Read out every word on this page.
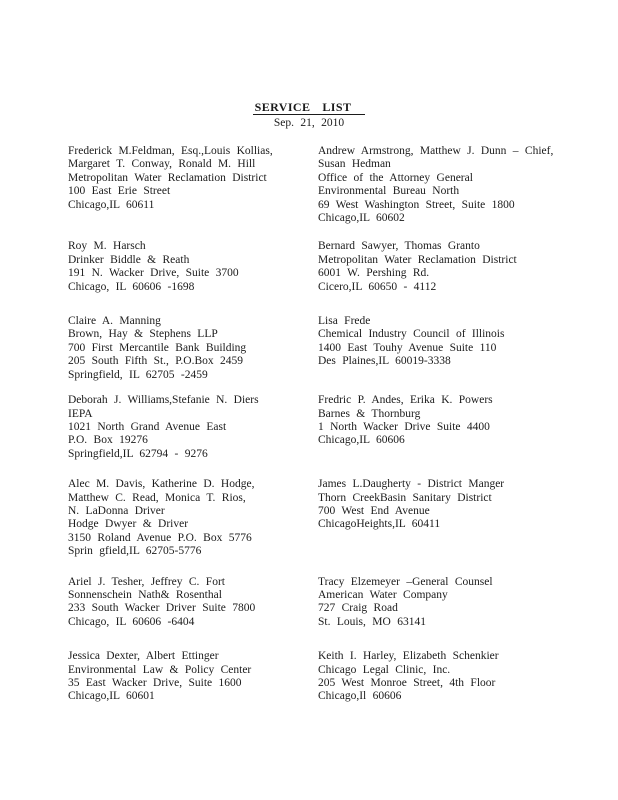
SERVICE LIST
Sep. 21, 2010
Frederick M.Feldman, Esq.,Louis Kollias,
Margaret T. Conway, Ronald M. Hill
Metropolitan Water Reclamation District
100 East Erie Street
Chicago,IL 60611
Andrew Armstrong, Matthew J. Dunn – Chief,
Susan Hedman
Office of the Attorney General
Environmental Bureau North
69 West Washington Street, Suite 1800
Chicago,IL 60602
Roy M. Harsch
Drinker Biddle & Reath
191 N. Wacker Drive, Suite 3700
Chicago, IL 60606 -1698
Bernard Sawyer, Thomas Granto
Metropolitan Water Reclamation District
6001 W. Pershing Rd.
Cicero,IL 60650 - 4112
Claire A. Manning
Brown, Hay & Stephens LLP
700 First Mercantile Bank Building
205 South Fifth St., P.O.Box 2459
Springfield, IL 62705 -2459
Lisa Frede
Chemical Industry Council of Illinois
1400 East Touhy Avenue Suite 110
Des Plaines,IL 60019-3338
Deborah J. Williams,Stefanie N. Diers
IEPA
1021 North Grand Avenue East
P.O. Box 19276
Springfield,IL 62794 - 9276
Fredric P. Andes, Erika K. Powers
Barnes & Thornburg
1 North Wacker Drive Suite 4400
Chicago,IL 60606
Alec M. Davis, Katherine D. Hodge,
Matthew C. Read, Monica T. Rios,
N. LaDonna Driver
Hodge Dwyer & Driver
3150 Roland Avenue P.O. Box 5776
Sprin gfield,IL 62705-5776
James L.Daugherty - District Manger
Thorn CreekBasin Sanitary District
700 West End Avenue
ChicagoHeights,IL 60411
Ariel J. Tesher, Jeffrey C. Fort
Sonnenschein Nath& Rosenthal
233 South Wacker Driver Suite 7800
Chicago, IL 60606 -6404
Tracy Elzemeyer –General Counsel
American Water Company
727 Craig Road
St. Louis, MO 63141
Jessica Dexter, Albert Ettinger
Environmental Law & Policy Center
35 East Wacker Drive, Suite 1600
Chicago,IL 60601
Keith I. Harley, Elizabeth Schenkier
Chicago Legal Clinic, Inc.
205 West Monroe Street, 4th Floor
Chicago,Il 60606
